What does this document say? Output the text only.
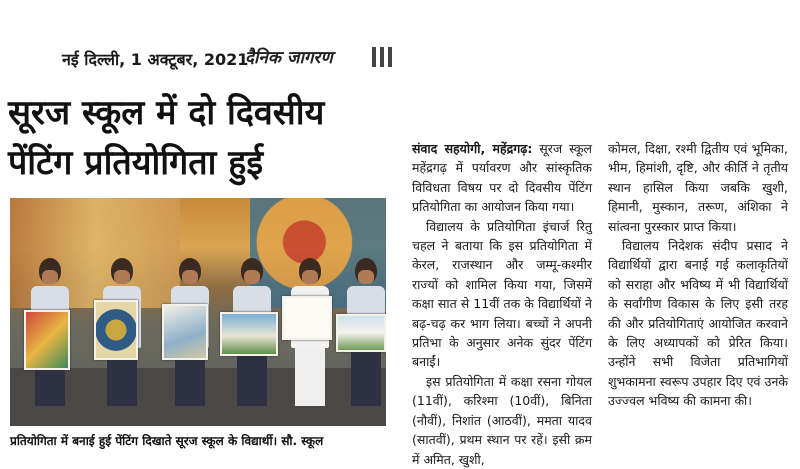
नई दिल्ली, 1 अक्टूबर, 2021
दैनिक जागरण
सूरज स्कूल में दो दिवसीय
पेंटिंग प्रतियोगिता हुई
प्रतियोगिता में बनाई हुई पेंटिंग दिखाते सूरज स्कूल के विद्यार्थी। सौ. स्कूल

संवाद सहयोगी, महेंद्रगढ़: सूरज स्कूल महेंद्रगढ़ में पर्यावरण और सांस्कृतिक विविधता विषय पर दो दिवसीय पेंटिंग प्रतियोगिता का आयोजन किया गया।

विद्यालय के प्रतियोगिता इंचार्ज रितु चहल ने बताया कि इस प्रतियोगिता में केरल, राजस्थान और जम्मू-कश्मीर राज्यों को शामिल किया गया, जिसमें कक्षा सात से 11वीं तक के विद्यार्थियों ने बढ़-चढ़ कर भाग लिया। बच्चों ने अपनी प्रतिभा के अनुसार अनेक सुंदर पेंटिंग बनाईं।

इस प्रतियोगिता में कक्षा रसना गोयल (11वीं), करिश्मा (10वीं), बिनिता (नौवीं), निशांत (आठवीं), ममता यादव (सातवीं), प्रथम स्थान पर रहें। इसी क्रम में अमित, खुशी,

कोमल, दिक्षा, रश्मी द्वितीय एवं भूमिका, भीम, हिमांशी, दृष्टि, और कीर्ति ने तृतीय स्थान हासिल किया जबकि खुशी, हिमानी, मुस्कान, तरूण, अंशिका ने सांत्वना पुरस्कार प्राप्त किया।

विद्यालय निदेशक संदीप प्रसाद ने विद्यार्थियों द्वारा बनाई गई कलाकृतियों को सराहा और भविष्य में भी विद्यार्थियों के सर्वांगीण विकास के लिए इसी तरह की और प्रतियोगिताएं आयोजित करवाने के लिए अध्यापकों को प्रेरित किया। उन्होंने सभी विजेता प्रतिभागियों शुभकामना स्वरूप उपहार दिए एवं उनके उज्ज्वल भविष्य की कामना की।
